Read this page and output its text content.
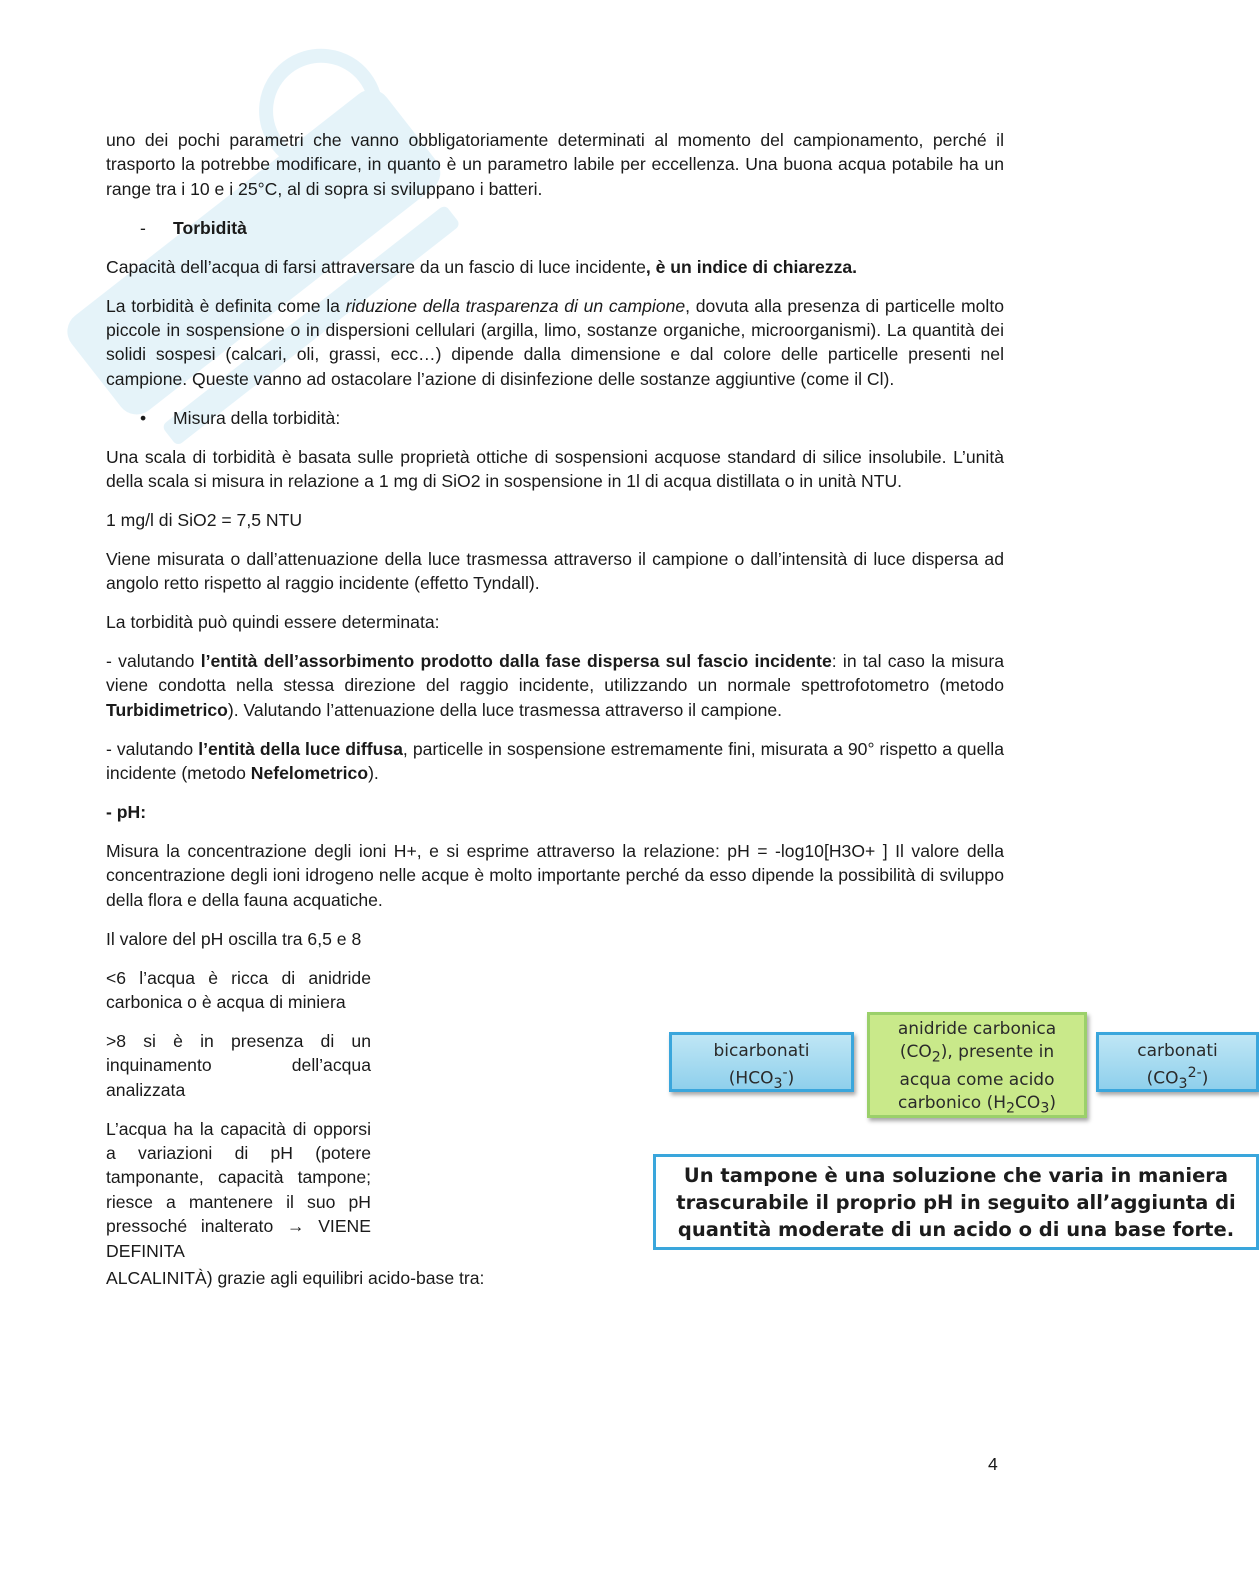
uno dei pochi parametri che vanno obbligatoriamente determinati al momento del campionamento, perché il trasporto la potrebbe modificare, in quanto è un parametro labile per eccellenza. Una buona acqua potabile ha un range tra i 10 e i 25°C, al di sopra si sviluppano i batteri.

-	Torbidità

Capacità dell’acqua di farsi attraversare da un fascio di luce incidente, è un indice di chiarezza.

La torbidità è definita come la riduzione della trasparenza di un campione, dovuta alla presenza di particelle molto piccole in sospensione o in dispersioni cellulari (argilla, limo, sostanze organiche, microorganismi). La quantità dei solidi sospesi (calcari, oli, grassi, ecc…) dipende dalla dimensione e dal colore delle particelle presenti nel campione. Queste vanno ad ostacolare l’azione di disinfezione delle sostanze aggiuntive (come il Cl).

•	Misura della torbidità:

Una scala di torbidità è basata sulle proprietà ottiche di sospensioni acquose standard di silice insolubile. L’unità della scala si misura in relazione a 1 mg di SiO2 in sospensione in 1l di acqua distillata o in unità NTU.

1 mg/l di SiO2 = 7,5 NTU

Viene misurata o dall’attenuazione della luce trasmessa attraverso il campione o dall’intensità di luce dispersa ad angolo retto rispetto al raggio incidente (effetto Tyndall).

La torbidità può quindi essere determinata:

- valutando l’entità dell’assorbimento prodotto dalla fase dispersa sul fascio incidente: in tal caso la misura viene condotta nella stessa direzione del raggio incidente, utilizzando un normale spettrofotometro (metodo Turbidimetrico). Valutando l’attenuazione della luce trasmessa attraverso il campione.

- valutando l’entità della luce diffusa, particelle in sospensione estremamente fini, misurata a 90° rispetto a quella incidente (metodo Nefelometrico).

- pH:

Misura la concentrazione degli ioni H+, e si esprime attraverso la relazione: pH = -log10[H3O+ ] Il valore della concentrazione degli ioni idrogeno nelle acque è molto importante perché da esso dipende la possibilità di sviluppo della flora e della fauna acquatiche.

Il valore del pH oscilla tra 6,5 e 8

<6 l’acqua è ricca di anidride carbonica o è acqua di miniera

>8 si è in presenza di un inquinamento dell’acqua analizzata

L’acqua ha la capacità di opporsi a variazioni di pH (potere tamponante, capacità tampone; riesce a mantenere il suo pH pressoché inalterato → VIENE DEFINITA

bicarbonati
$(HCO_3^-)$
anidride carbonica
$(CO_2)$, presente in
acqua come acido
carbonico $(H_2CO_3)$
carbonati
$(CO_3^{2-})$
Un tampone è una soluzione che varia in maniera trascurabile il proprio pH in seguito all’aggiunta di quantità moderate di un acido o di una base forte.

ALCALINITÀ) grazie agli equilibri acido-base tra:

4
